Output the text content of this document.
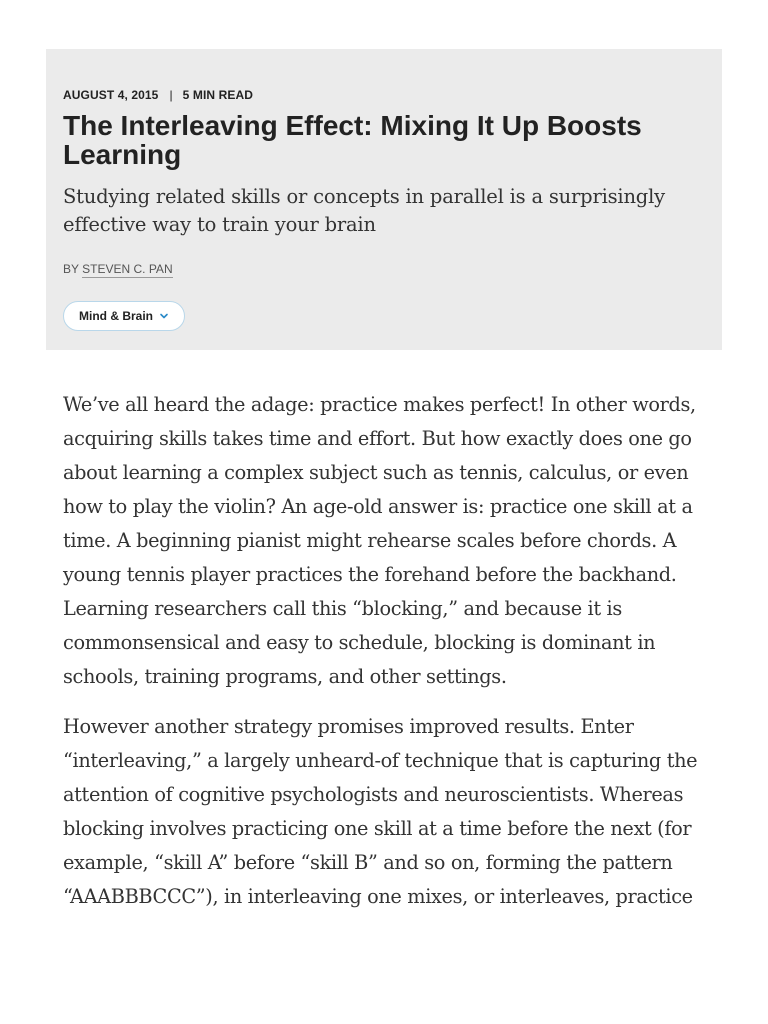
AUGUST 4, 2015 | 5 MIN READ
The Interleaving Effect: Mixing It Up Boosts Learning

Studying related skills or concepts in parallel is a surprisingly effective way to train your brain

BY STEVEN C. PAN
Mind & Brain

We’ve all heard the adage: practice makes perfect! In other words, acquiring skills takes time and effort. But how exactly does one go about learning a complex subject such as tennis, calculus, or even how to play the violin? An age-old answer is: practice one skill at a time. A beginning pianist might rehearse scales before chords. A young tennis player practices the forehand before the backhand. Learning researchers call this “blocking,” and because it is commonsensical and easy to schedule, blocking is dominant in schools, training programs, and other settings.

However another strategy promises improved results. Enter “interleaving,” a largely unheard-of technique that is capturing the attention of cognitive psychologists and neuroscientists. Whereas blocking involves practicing one skill at a time before the next (for example, “skill A” before “skill B” and so on, forming the pattern “AAABBBCCC”), in interleaving one mixes, or interleaves, practice
